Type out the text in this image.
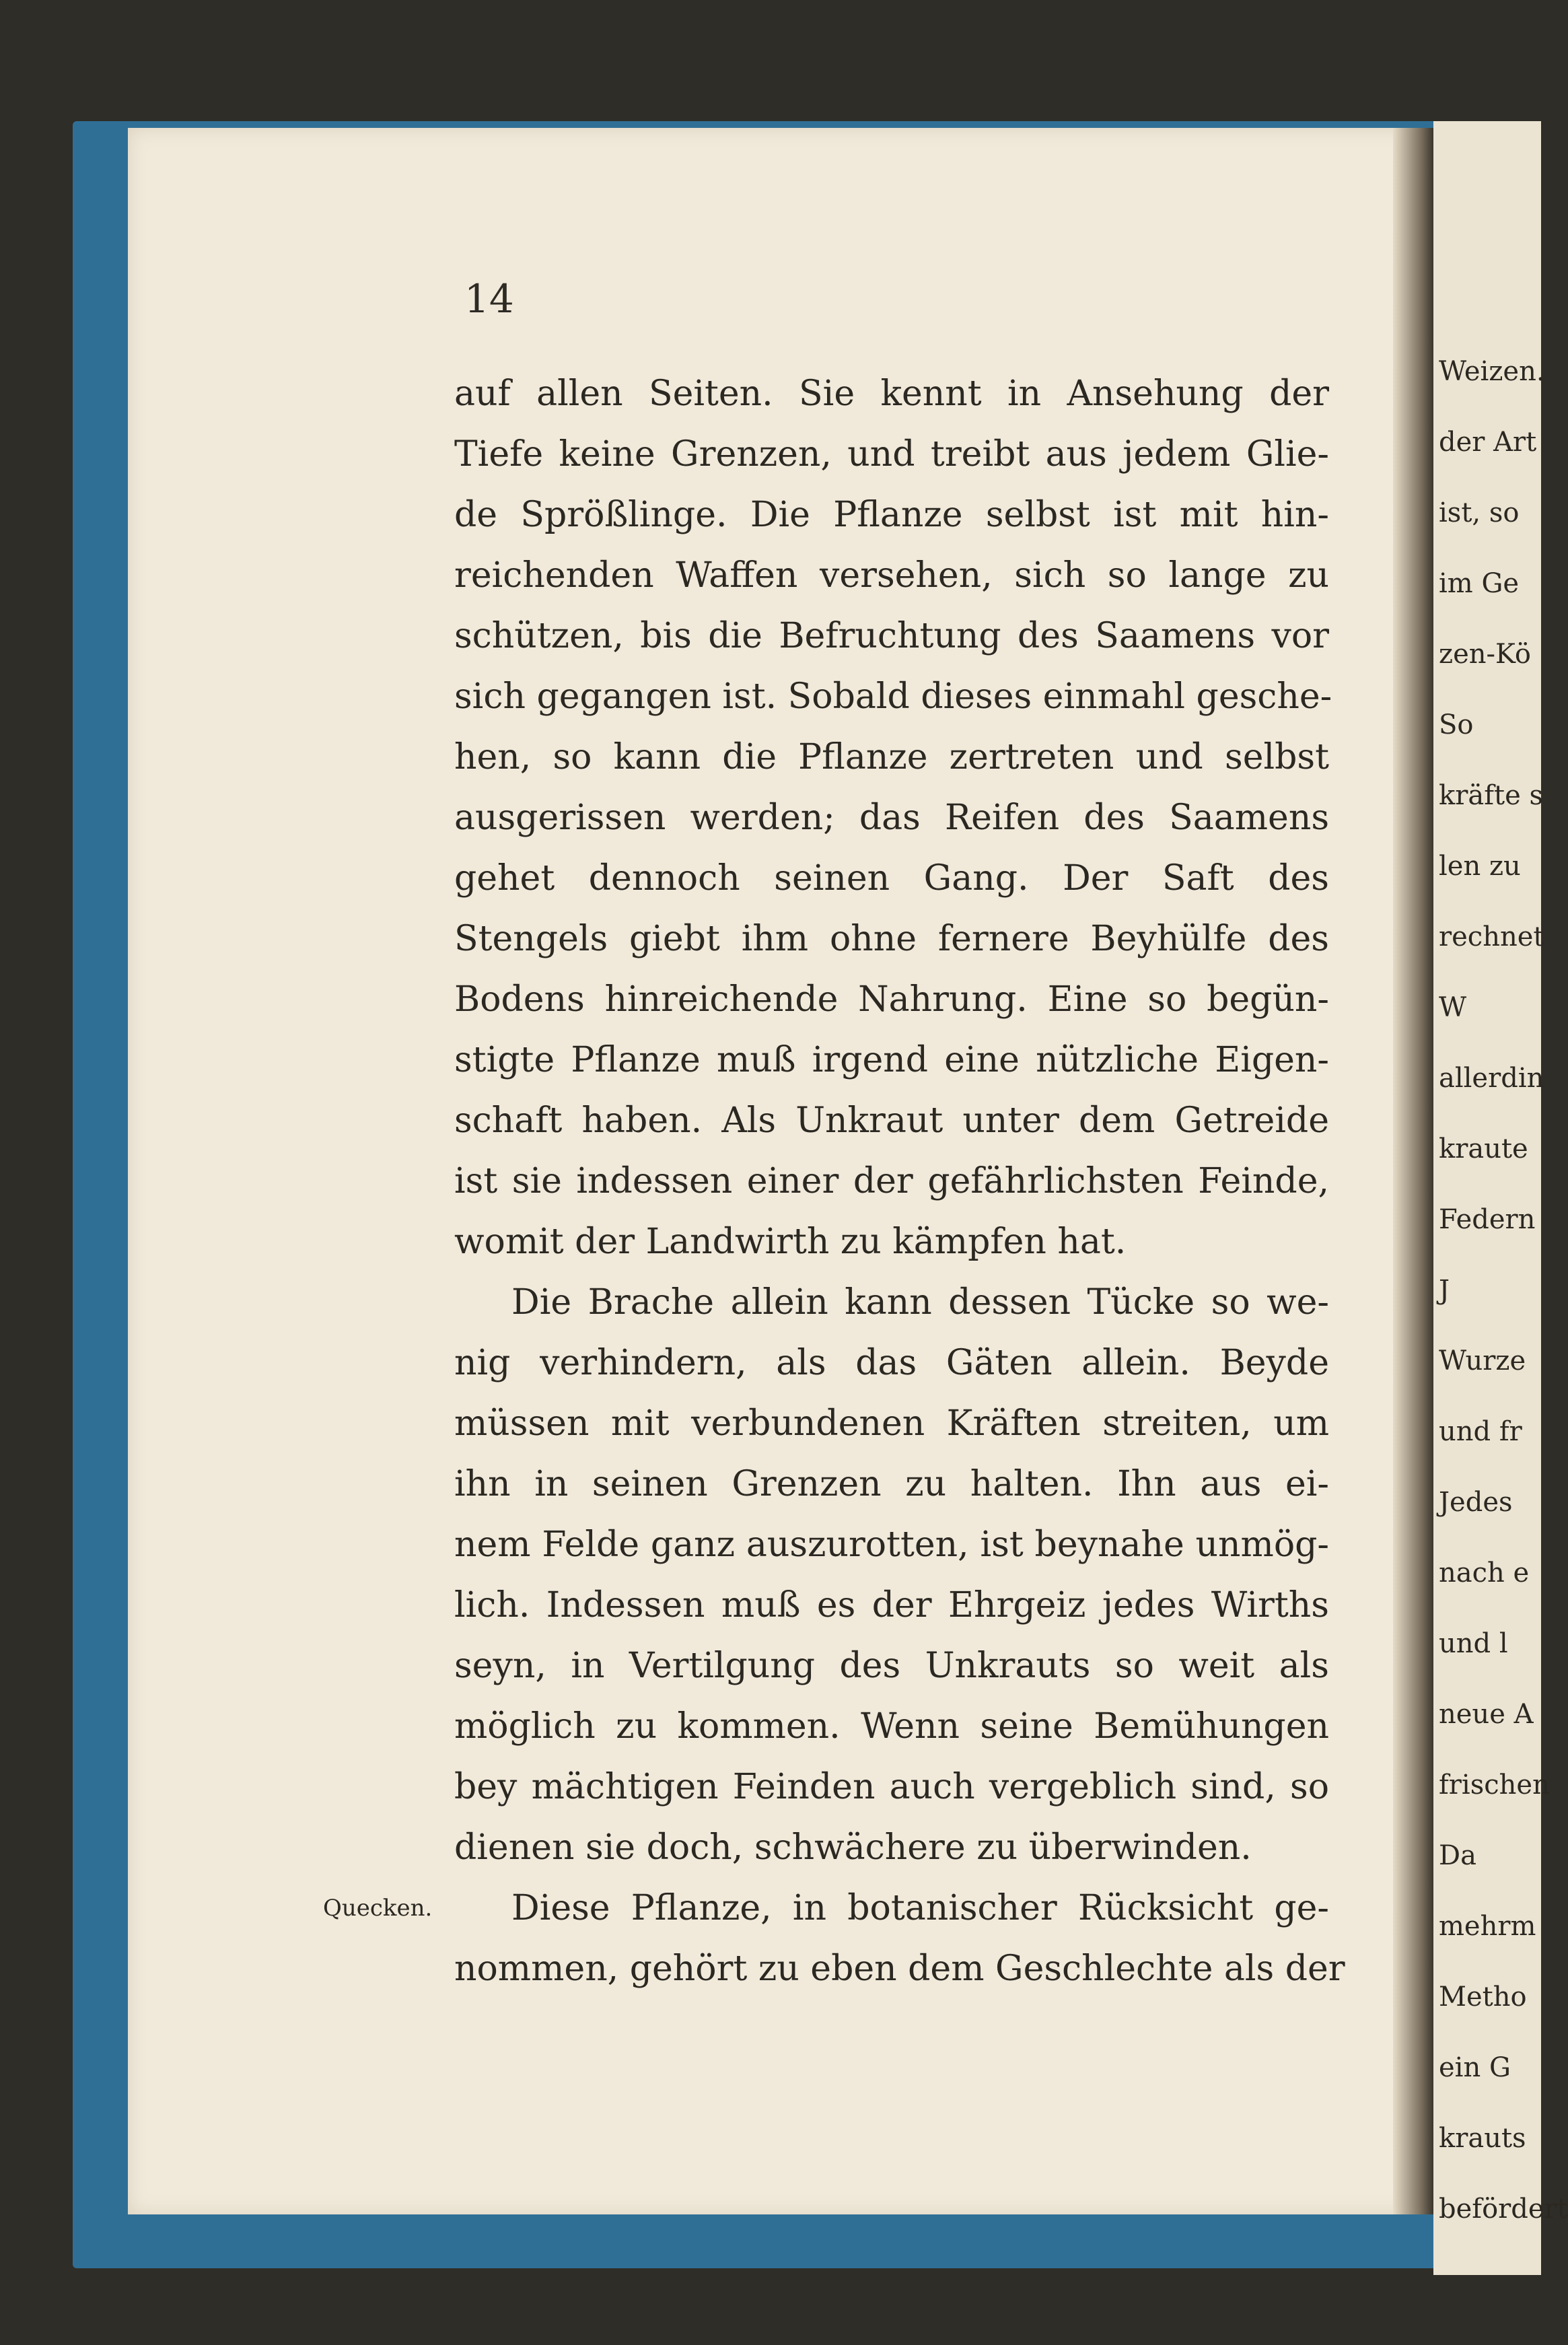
14
Quecken.
auf allen Seiten. Sie kennt in Ansehung der
Tiefe keine Grenzen, und treibt aus jedem Glie-
de Sprößlinge. Die Pflanze selbst ist mit hin-
reichenden Waffen versehen, sich so lange zu
schützen, bis die Befruchtung des Saamens vor
sich gegangen ist. Sobald dieses einmahl gesche-
hen, so kann die Pflanze zertreten und selbst
ausgerissen werden; das Reifen des Saamens
gehet dennoch seinen Gang. Der Saft des
Stengels giebt ihm ohne fernere Beyhülfe des
Bodens hinreichende Nahrung. Eine so begün-
stigte Pflanze muß irgend eine nützliche Eigen-
schaft haben. Als Unkraut unter dem Getreide
ist sie indessen einer der gefährlichsten Feinde,
womit der Landwirth zu kämpfen hat.
Die Brache allein kann dessen Tücke so we-
nig verhindern, als das Gäten allein. Beyde
müssen mit verbundenen Kräften streiten, um
ihn in seinen Grenzen zu halten. Ihn aus ei-
nem Felde ganz auszurotten, ist beynahe unmög-
lich. Indessen muß es der Ehrgeiz jedes Wirths
seyn, in Vertilgung des Unkrauts so weit als
möglich zu kommen. Wenn seine Bemühungen
bey mächtigen Feinden auch vergeblich sind, so
dienen sie doch, schwächere zu überwinden.
Diese Pflanze, in botanischer Rücksicht ge-
nommen, gehört zu eben dem Geschlechte als der
Weizen.
der Art
ist, so
im Ge
zen-Kö
So
kräfte s
len zu
rechnet
W
allerdin
kraute
Federn
J
Wurze
und fr
Jedes
nach e
und l
neue A
frischen
Da
mehrm
Metho
ein G
krauts
befördert
